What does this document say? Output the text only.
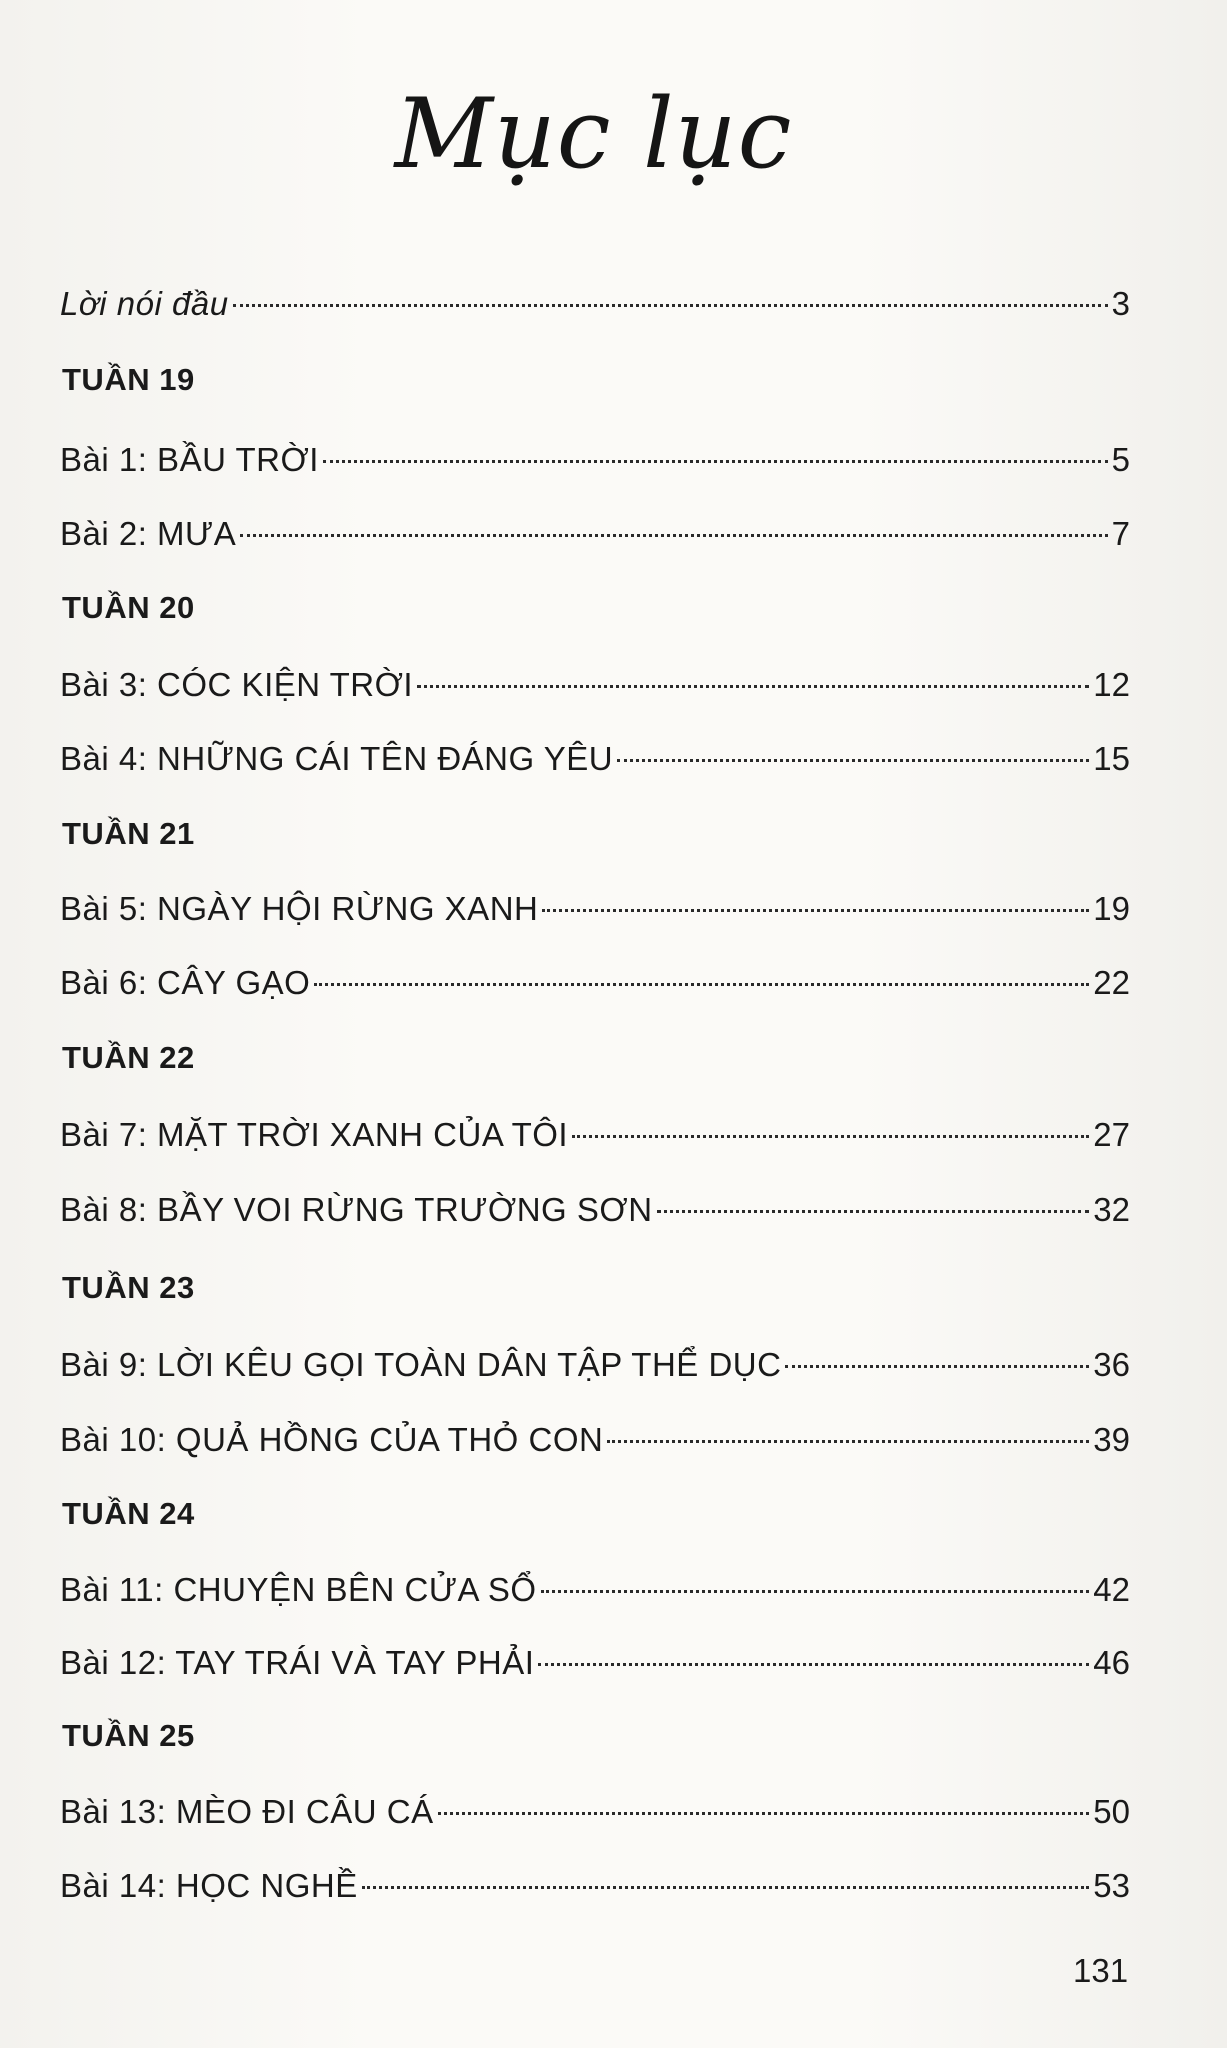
Mục lục
Lời nói đầu	3
TUẦN 19
Bài 1: BẦU TRỜI	5
Bài 2: MƯA	7
TUẦN 20
Bài 3: CÓC KIỆN TRỜI	12
Bài 4: NHỮNG CÁI TÊN ĐÁNG YÊU	15
TUẦN 21
Bài 5: NGÀY HỘI RỪNG XANH	19
Bài 6: CÂY GẠO	22
TUẦN 22
Bài 7: MẶT TRỜI XANH CỦA TÔI	27
Bài 8: BẦY VOI RỪNG TRƯỜNG SƠN	32
TUẦN 23
Bài 9: LỜI KÊU GỌI TOÀN DÂN TẬP THỂ DỤC	36
Bài 10: QUẢ HỒNG CỦA THỎ CON	39
TUẦN 24
Bài 11: CHUYỆN BÊN CỬA SỔ	42
Bài 12: TAY TRÁI VÀ TAY PHẢI	46
TUẦN 25
Bài 13: MÈO ĐI CÂU CÁ	50
Bài 14: HỌC NGHỀ	53
131
